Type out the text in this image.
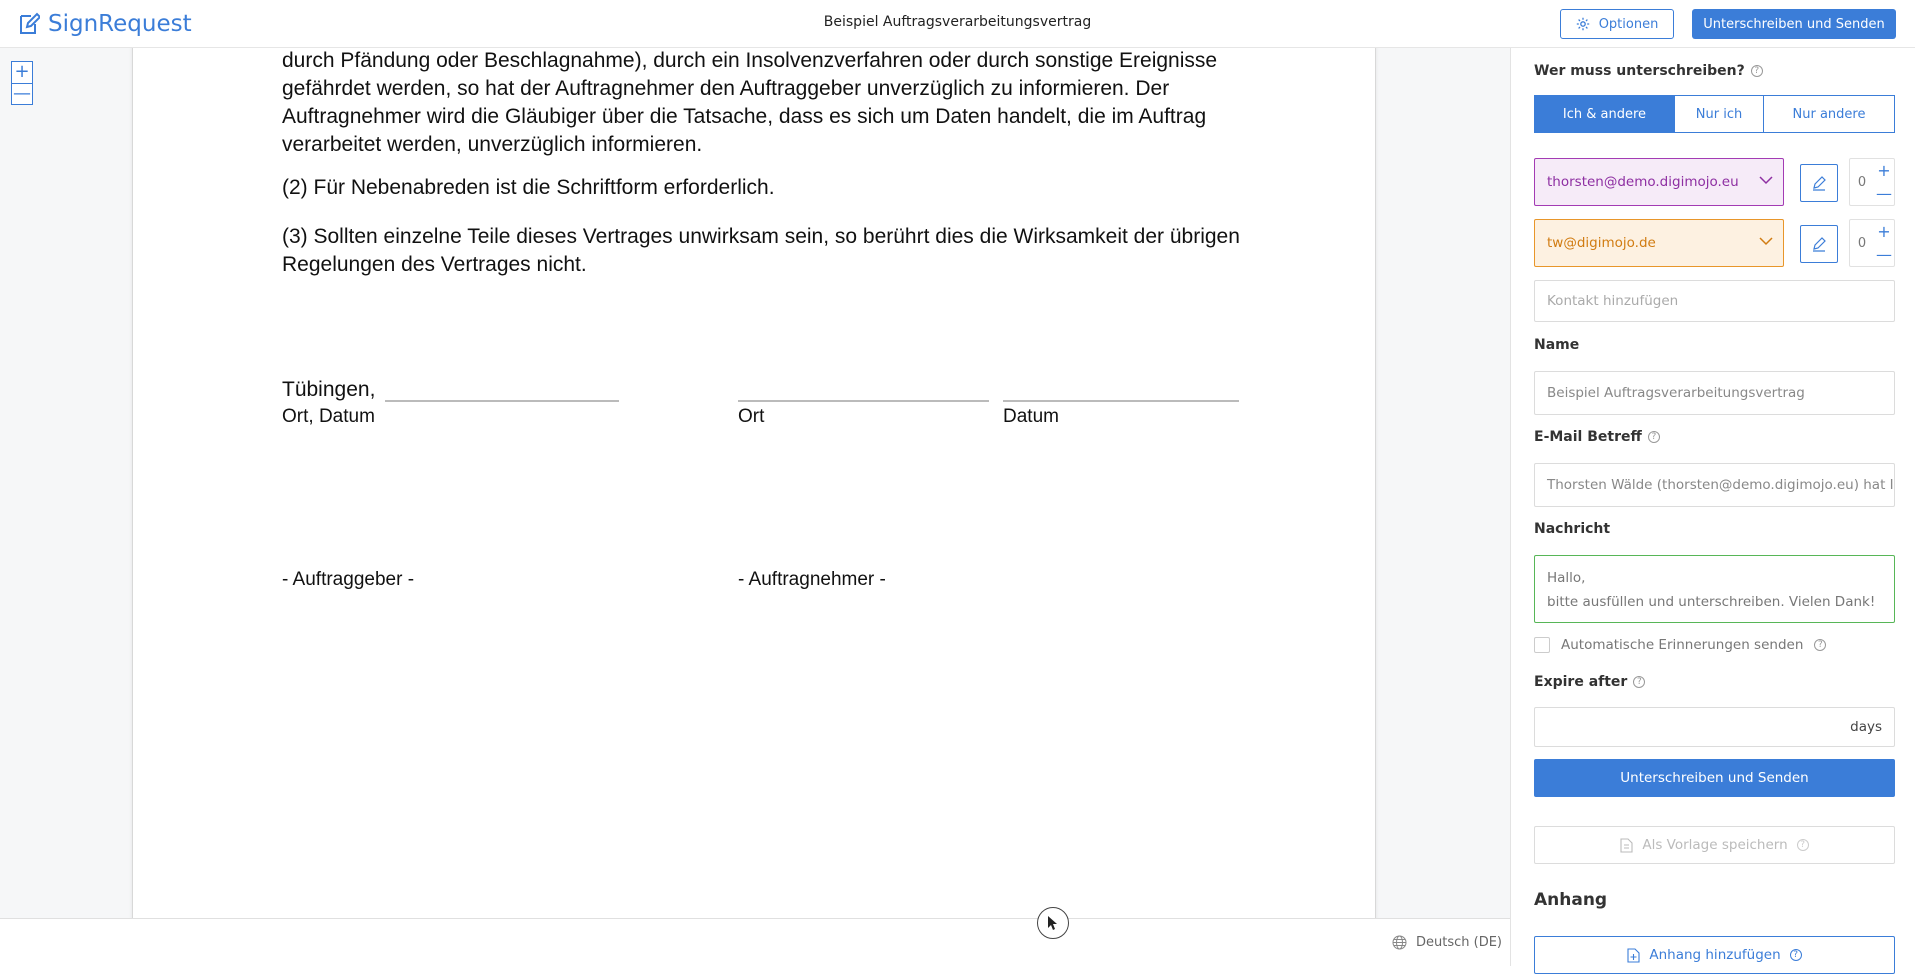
SignRequest	Beispiel Auftragsverarbeitungsvertrag	Optionen	Unterschreiben und Senden
durch Pfändung oder Beschlagnahme), durch ein Insolvenzverfahren oder durch sonstige Ereignisse gefährdet werden, so hat der Auftragnehmer den Auftraggeber unverzüglich zu informieren. Der Auftragnehmer wird die Gläubiger über die Tatsache, dass es sich um Daten handelt, die im Auftrag verarbeitet werden, unverzüglich informieren.
(2) Für Nebenabreden ist die Schriftform erforderlich.
(3) Sollten einzelne Teile dieses Vertrages unwirksam sein, so berührt dies die Wirksamkeit der übrigen Regelungen des Vertrages nicht.
Tübingen,
Ort, Datum	Ort	Datum
- Auftraggeber -	- Auftragnehmer -
+
—
Deutsch (DE)
Wer muss unterschreiben?	?
Ich & andere	Nur ich	Nur andere
thorsten@demo.digimojo.eu	0
+
—
tw@digimojo.de	0
+
—
Kontakt hinzufügen
Name
Beispiel Auftragsverarbeitungsvertrag
E-Mail Betreff	?
Thorsten Wälde (thorsten@demo.digimojo.eu) hat I
Nachricht
Hallo,
bitte ausfüllen und unterschreiben. Vielen Dank!
Automatische Erinnerungen senden	?
Expire after	?
days
Unterschreiben und Senden
Als Vorlage speichern	?
Anhang
Anhang hinzufügen	?
